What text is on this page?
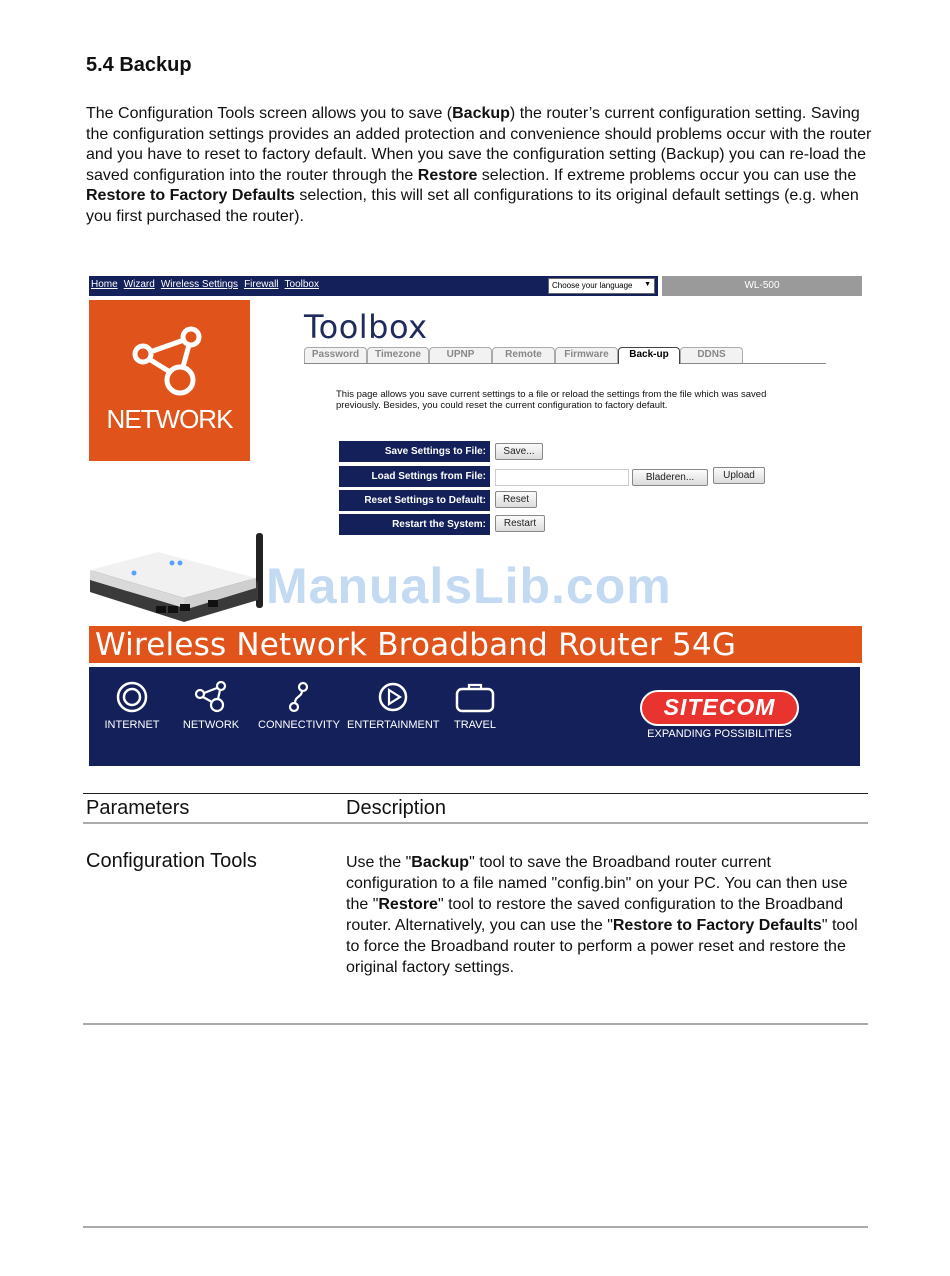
5.4 Backup
The Configuration Tools screen allows you to save (Backup) the router’s current configuration setting. Saving the configuration settings provides an added protection and convenience should problems occur with the router and you have to reset to factory default. When you save the configuration setting (Backup) you can re-load the saved configuration into the router through the Restore selection. If extreme problems occur you can use the Restore to Factory Defaults selection, this will set all configurations to its original default settings (e.g. when you first purchased the router).
Home Wizard Wireless Settings Firewall Toolbox	Choose your language ▼	WL-500
NETWORK
Toolbox
Password	Timezone	UPNP	Remote	Firmware	Back-up	DDNS
This page allows you save current settings to a file or reload the settings from the file which was saved previously. Besides, you could reset the current configuration to factory default.
Save Settings to File:	Save...
Load Settings from File:	Bladeren...	Upload
Reset Settings to Default:	Reset
Restart the System:	Restart
ManualsLib.com
Wireless Network Broadband Router 54G
INTERNET NETWORK CONNECTIVITY ENTERTAINMENT TRAVEL
SITECOM
EXPANDING POSSIBILITIES
Parameters	Description
Configuration Tools	Use the "Backup" tool to save the Broadband router current configuration to a file named "config.bin" on your PC. You can then use the "Restore" tool to restore the saved configuration to the Broadband router. Alternatively, you can use the "Restore to Factory Defaults" tool to force the Broadband router to perform a power reset and restore the original factory settings.
